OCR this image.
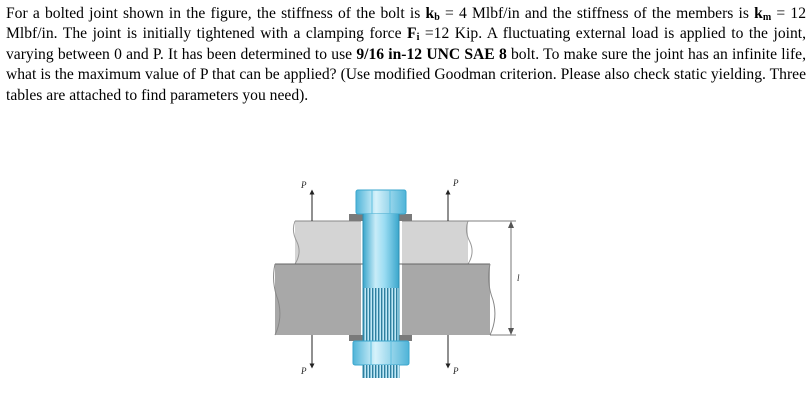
For a bolted joint shown in the figure, the stiffness of the bolt is $k_b = 4$ Mlbf/in and the stiffness of the members is $k_m = 12$ Mlbf/in. The joint is initially tightened with a clamping force $F_i =12$ Kip. A fluctuating external load is applied to the joint, varying between 0 and P. It has been determined to use 9/16 in-12 UNC SAE 8 bolt. To make sure the joint has an infinite life, what is the maximum value of P that can be applied? (Use modified Goodman criterion. Please also check static yielding. Three tables are attached to find parameters you need).

P	P
P	P
l
